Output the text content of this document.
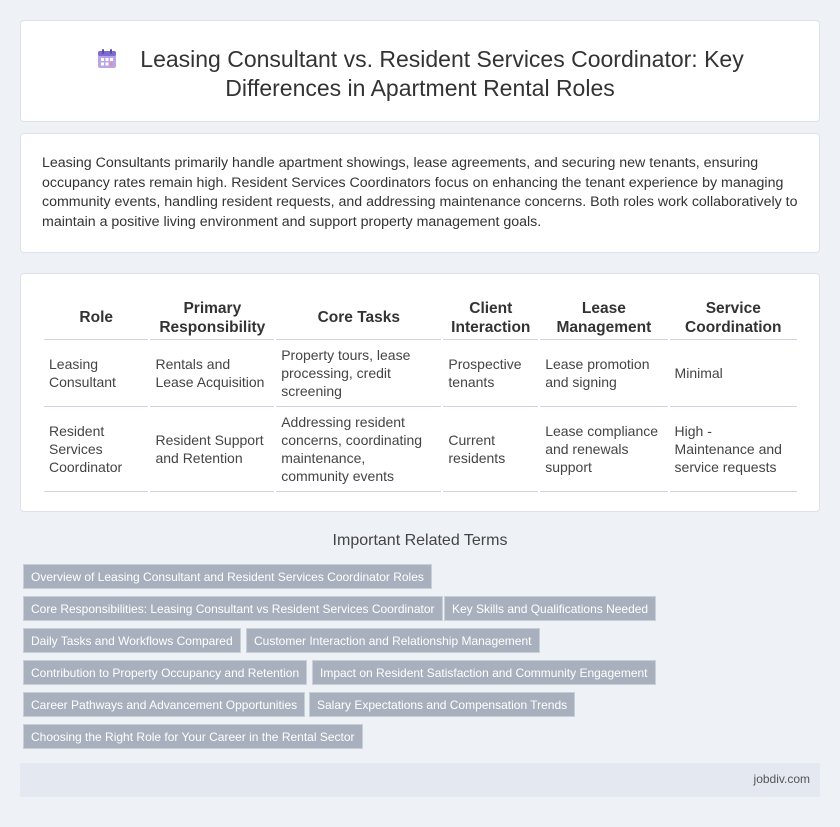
Leasing Consultant vs. Resident Services Coordinator: Key
Differences in Apartment Rental Roles

Leasing Consultants primarily handle apartment showings, lease agreements, and securing new tenants, ensuring occupancy rates remain high. Resident Services Coordinators focus on enhancing the tenant experience by managing community events, handling resident requests, and addressing maintenance concerns. Both roles work collaboratively to maintain a positive living environment and support property management goals.

Role	Primary Responsibility	Core Tasks	Client Interaction	Lease Management	Service Coordination
Leasing Consultant	Rentals and Lease Acquisition	Property tours, lease processing, credit screening	Prospective tenants	Lease promotion and signing	Minimal
Resident Services Coordinator	Resident Support and Retention	Addressing resident concerns, coordinating maintenance, community events	Current residents	Lease compliance and renewals support	High - Maintenance and service requests
Important Related Terms
Overview of Leasing Consultant and Resident Services Coordinator Roles
Core Responsibilities: Leasing Consultant vs Resident Services Coordinator	Key Skills and Qualifications Needed
Daily Tasks and Workflows Compared	Customer Interaction and Relationship Management
Contribution to Property Occupancy and Retention	Impact on Resident Satisfaction and Community Engagement
Career Pathways and Advancement Opportunities	Salary Expectations and Compensation Trends
Choosing the Right Role for Your Career in the Rental Sector
jobdiv.com
